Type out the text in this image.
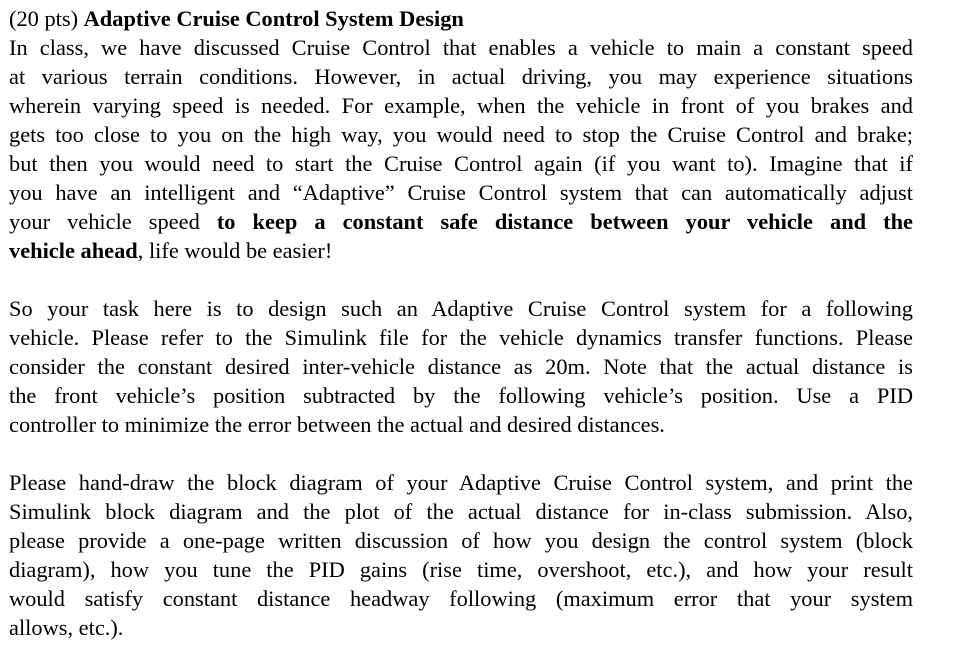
(20 pts) Adaptive Cruise Control System Design
In class, we have discussed Cruise Control that enables a vehicle to main a constant speed
at various terrain conditions. However, in actual driving, you may experience situations
wherein varying speed is needed. For example, when the vehicle in front of you brakes and
gets too close to you on the high way, you would need to stop the Cruise Control and brake;
but then you would need to start the Cruise Control again (if you want to). Imagine that if
you have an intelligent and “Adaptive” Cruise Control system that can automatically adjust
your vehicle speed to keep a constant safe distance between your vehicle and the
vehicle ahead, life would be easier!
So your task here is to design such an Adaptive Cruise Control system for a following
vehicle. Please refer to the Simulink file for the vehicle dynamics transfer functions. Please
consider the constant desired inter-vehicle distance as 20m. Note that the actual distance is
the front vehicle’s position subtracted by the following vehicle’s position. Use a PID
controller to minimize the error between the actual and desired distances.
Please hand-draw the block diagram of your Adaptive Cruise Control system, and print the
Simulink block diagram and the plot of the actual distance for in-class submission. Also,
please provide a one-page written discussion of how you design the control system (block
diagram), how you tune the PID gains (rise time, overshoot, etc.), and how your result
would satisfy constant distance headway following (maximum error that your system
allows, etc.).
